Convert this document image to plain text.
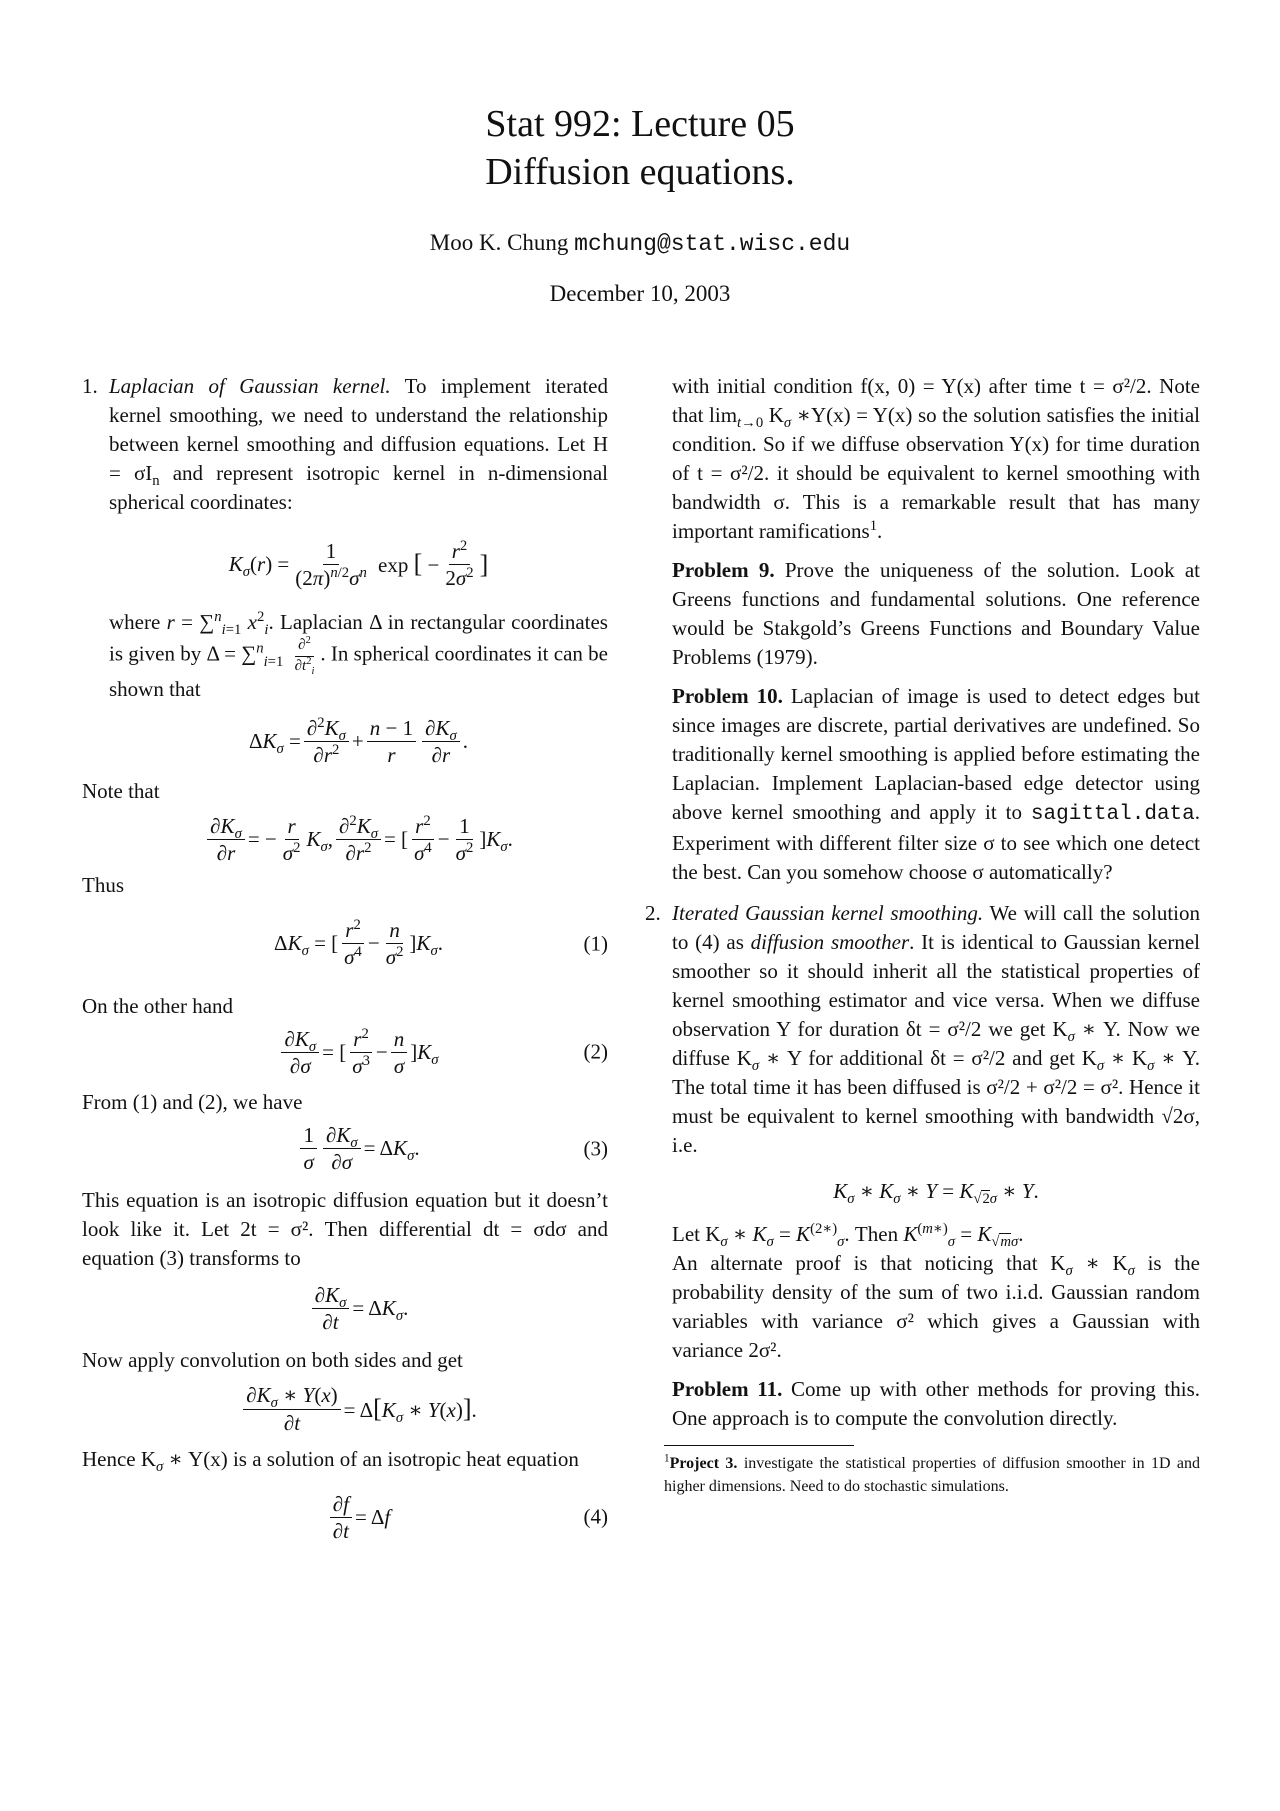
Stat 992: Lecture 05
Diffusion equations.
Moo K. Chung mchung@stat.wisc.edu
December 10, 2003
1. Laplacian of Gaussian kernel. To implement iterated kernel smoothing, we need to understand the relationship between kernel smoothing and diffusion equations. Let $H = \sigma I_n$ and represent isotropic kernel in n-dimensional spherical coordinates:

$K_\sigma(r) = \frac{1}{(2\pi)^{n/2}\sigma^n}$ exp [ − $\frac{r^2}{2\sigma^2}$ ]

where r = ∑$^n_{i=1}$ $x^2_i$. Laplacian Δ in rectangular coordinates is given by $\Delta = \sum^n_{i=1} \frac{\partial^2}{\partial t^2_i}$ . In spherical coordinates it can be shown that

$\Delta K_\sigma = \frac{\partial^2K_\sigma}{\partial r^2} + \frac{n - 1}{r} \frac{\partial K_\sigma}{\partial r}$ .

Note that

$\frac{\partial K_\sigma}{\partial r}$ = − $\frac{r}{\sigma^2} K_\sigma$, $\frac{\partial^2K_\sigma}{\partial r^2}$ = [ $\frac{r^2}{\sigma^4} - \frac{1}{\sigma^2} ]K_\sigma$.

Thus

$\Delta K_\sigma$ = [ $\frac{r^2}{\sigma^4} - \frac{n}{\sigma^2} ]K_\sigma$.	(1)

On the other hand

$\frac{\partial K_\sigma}{\partial\sigma}$ = [ $\frac{r^2}{\sigma^3} - \frac{n}{\sigma} ]K_\sigma$	(2)

From (1) and (2), we have

$\frac{1}{\sigma} \frac{\partial K_\sigma}{\partial\sigma} = \Delta K_\sigma$.	(3)

This equation is an isotropic diffusion equation but it doesn’t look like it. Let 2t = σ². Then differential dt = σdσ and equation (3) transforms to

$\frac{\partial K_\sigma}{\partial t} = \Delta K_\sigma$.

Now apply convolution on both sides and get

$\frac{\partial K_\sigma ∗ Y(x)}{\partial t} = \Delta[K_\sigma$ ∗ Y(x)].

Hence $K_\sigma$ ∗ Y(x) is a solution of an isotropic heat equation

$\frac{\partial f}{\partial t} = \Delta f$	(4)

with initial condition f(x, 0) = Y(x) after time t = σ²/2. Note that $\lim_{t\to 0} K_\sigma$ ∗Y(x) = Y(x) so the solution satisfies the initial condition. So if we diffuse observation Y(x) for time duration of t = σ²/2. it should be equivalent to kernel smoothing with bandwidth σ. This is a remarkable result that has many important ramifications$^1$.

Problem 9. Prove the uniqueness of the solution. Look at Greens functions and fundamental solutions. One reference would be Stakgold’s Greens Functions and Boundary Value Problems (1979).

Problem 10. Laplacian of image is used to detect edges but since images are discrete, partial derivatives are undefined. So traditionally kernel smoothing is applied before estimating the Laplacian. Implement Laplacian-based edge detector using above kernel smoothing and apply it to sagittal.data. Experiment with different filter size σ to see which one detect the best. Can you somehow choose σ automatically?

2. Iterated Gaussian kernel smoothing. We will call the solution to (4) as diffusion smoother. It is identical to Gaussian kernel smoother so it should inherit all the statistical properties of kernel smoothing estimator and vice versa. When we diffuse observation Y for duration δt = σ²/2 we get $K_\sigma$ ∗ Y. Now we diffuse $K_\sigma$ ∗ Y for additional δt = σ²/2 and get $K_\sigma$ ∗ $K_\sigma$ ∗ Y. The total time it has been diffused is σ²/2 + σ²/2 = σ². Hence it must be equivalent to kernel smoothing with bandwidth √2σ, i.e.

$K_\sigma$ ∗ $K_\sigma$ ∗ $Y = K_{√2\sigma}$ ∗ Y.

Let $K_\sigma$ ∗ $K_\sigma = K^{(2∗)}_\sigma$. Then $K^{(m∗)}_\sigma = K_{√m\sigma}$.

An alternate proof is that noticing that $K_\sigma$ ∗ $K_\sigma$ is the probability density of the sum of two i.i.d. Gaussian random variables with variance σ² which gives a Gaussian with variance 2σ².

Problem 11. Come up with other methods for proving this. One approach is to compute the convolution directly.

$^1$Project 3. investigate the statistical properties of diffusion smoother in 1D and higher dimensions. Need to do stochastic simulations.
